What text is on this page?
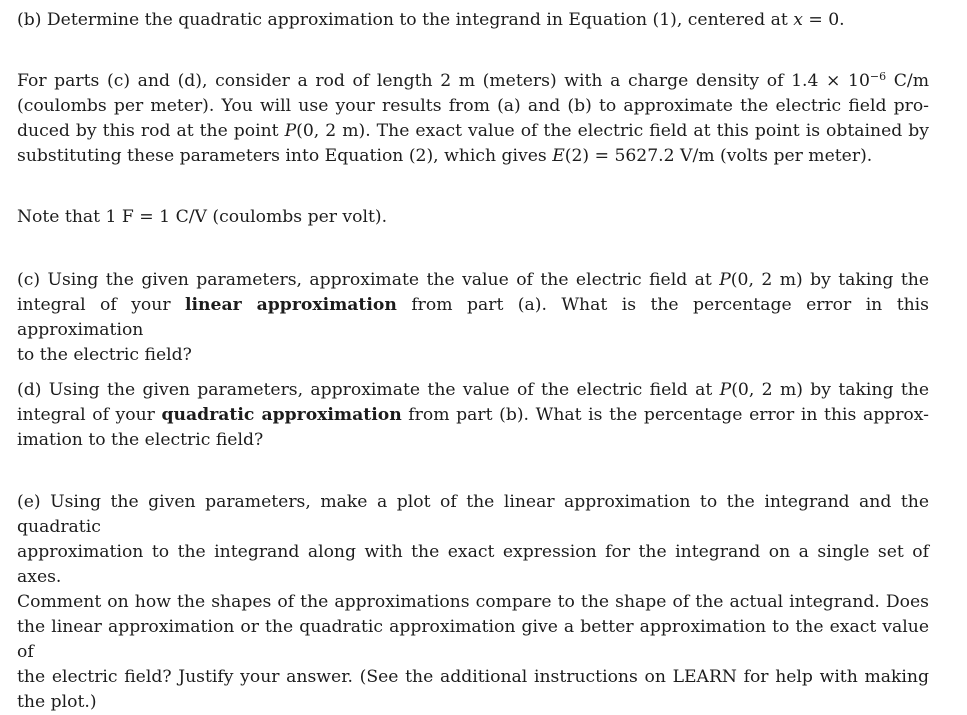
(b) Determine the quadratic approximation to the integrand in Equation (1), centered at x = 0.

For parts (c) and (d), consider a rod of length 2 m (meters) with a charge density of $1.4 \times 10^{-6}$ C/m
(coulombs per meter). You will use your results from (a) and (b) to approximate the electric field pro-
duced by this rod at the point P(0, 2 m). The exact value of the electric field at this point is obtained by
substituting these parameters into Equation (2), which gives E(2) = 5627.2 V/m (volts per meter).

Note that 1 F = 1 C/V (coulombs per volt).

(c) Using the given parameters, approximate the value of the electric field at P(0, 2 m) by taking the
integral of your linear approximation from part (a). What is the percentage error in this approximation
to the electric field?

(d) Using the given parameters, approximate the value of the electric field at P(0, 2 m) by taking the
integral of your quadratic approximation from part (b). What is the percentage error in this approx-
imation to the electric field?

(e) Using the given parameters, make a plot of the linear approximation to the integrand and the quadratic
approximation to the integrand along with the exact expression for the integrand on a single set of axes.
Comment on how the shapes of the approximations compare to the shape of the actual integrand. Does
the linear approximation or the quadratic approximation give a better approximation to the exact value of
the electric field? Justify your answer. (See the additional instructions on LEARN for help with making
the plot.)
